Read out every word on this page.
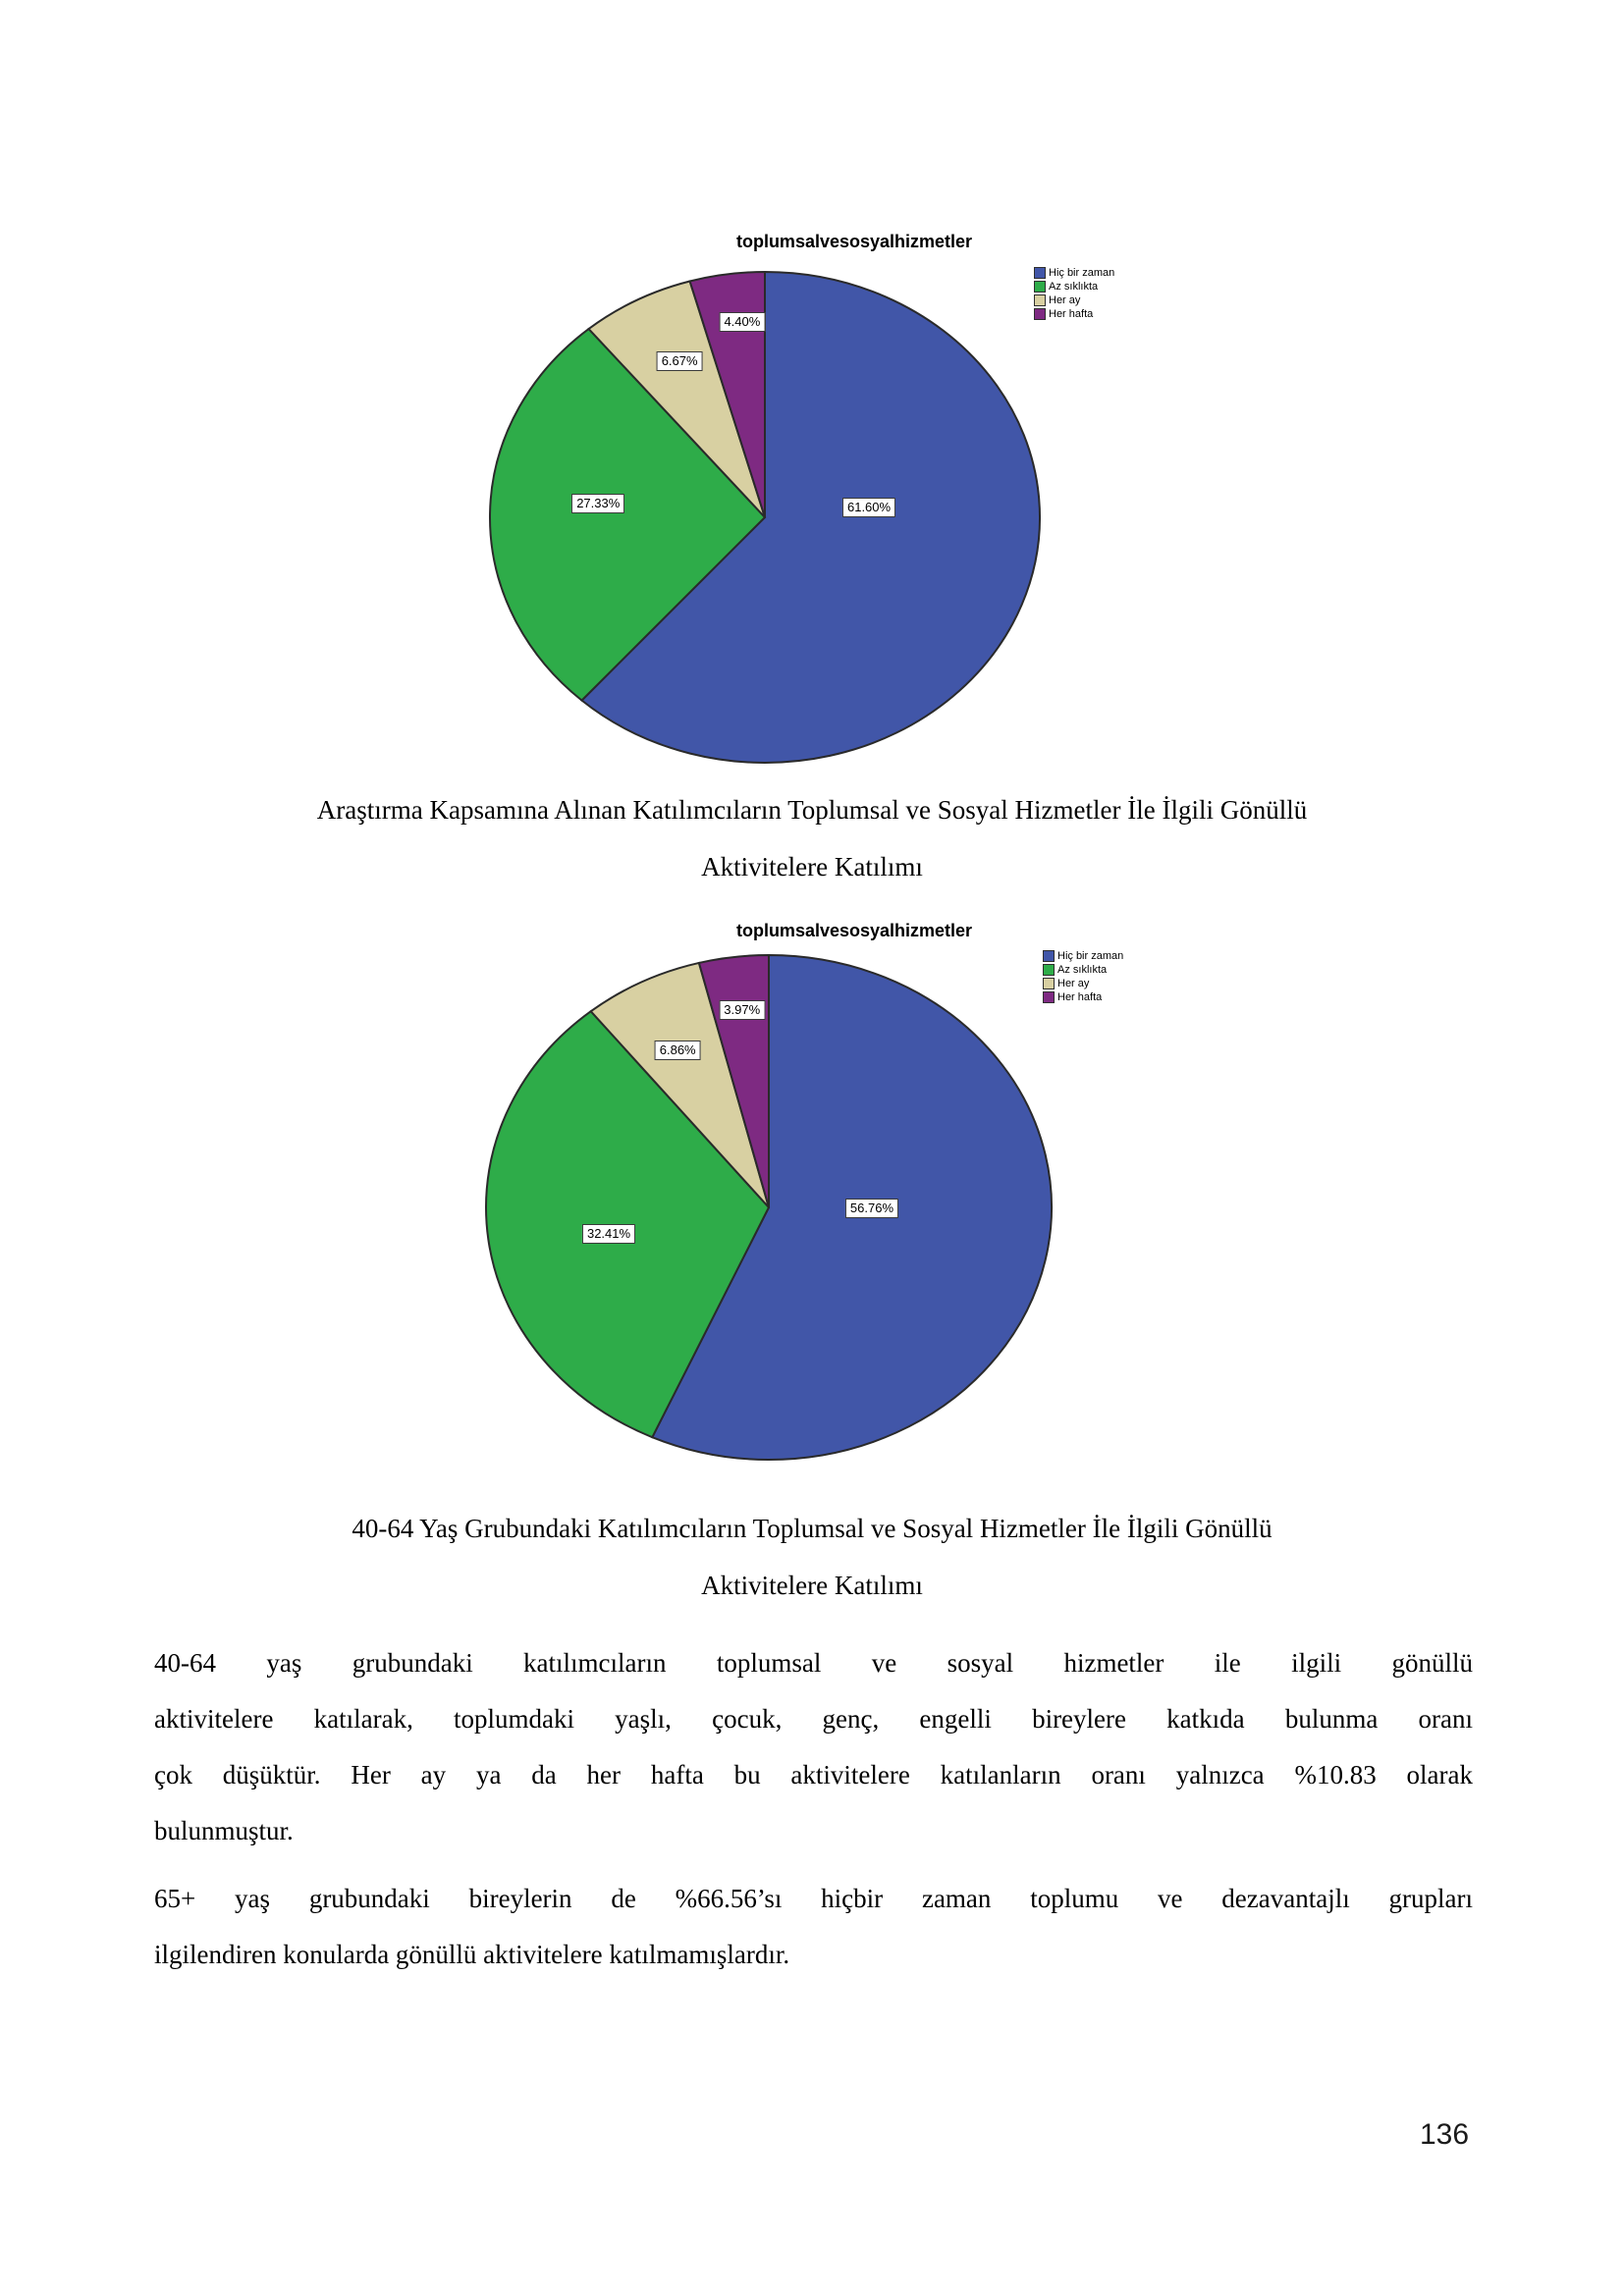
toplumsalvesosyalhizmetler
61.60%
27.33%
6.67%
4.40%
Hiç bir zaman
Az sıklıkta
Her ay
Her hafta
Araştırma Kapsamına Alınan Katılımcıların Toplumsal ve Sosyal Hizmetler İle İlgili Gönüllü
Aktivitelere Katılımı
toplumsalvesosyalhizmetler
56.76%
32.41%
6.86%
3.97%
Hiç bir zaman
Az sıklıkta
Her ay
Her hafta
40-64 Yaş Grubundaki Katılımcıların Toplumsal ve Sosyal Hizmetler İle İlgili Gönüllü
Aktivitelere Katılımı
40-64 yaş grubundaki katılımcıların toplumsal ve sosyal hizmetler ile ilgili gönüllü
aktivitelere katılarak, toplumdaki yaşlı, çocuk, genç, engelli bireylere katkıda bulunma oranı
çok düşüktür. Her ay ya da her hafta bu aktivitelere katılanların oranı yalnızca %10.83 olarak
bulunmuştur.
65+ yaş grubundaki bireylerin de %66.56’sı hiçbir zaman toplumu ve dezavantajlı grupları
ilgilendiren konularda gönüllü aktivitelere katılmamışlardır.
136
